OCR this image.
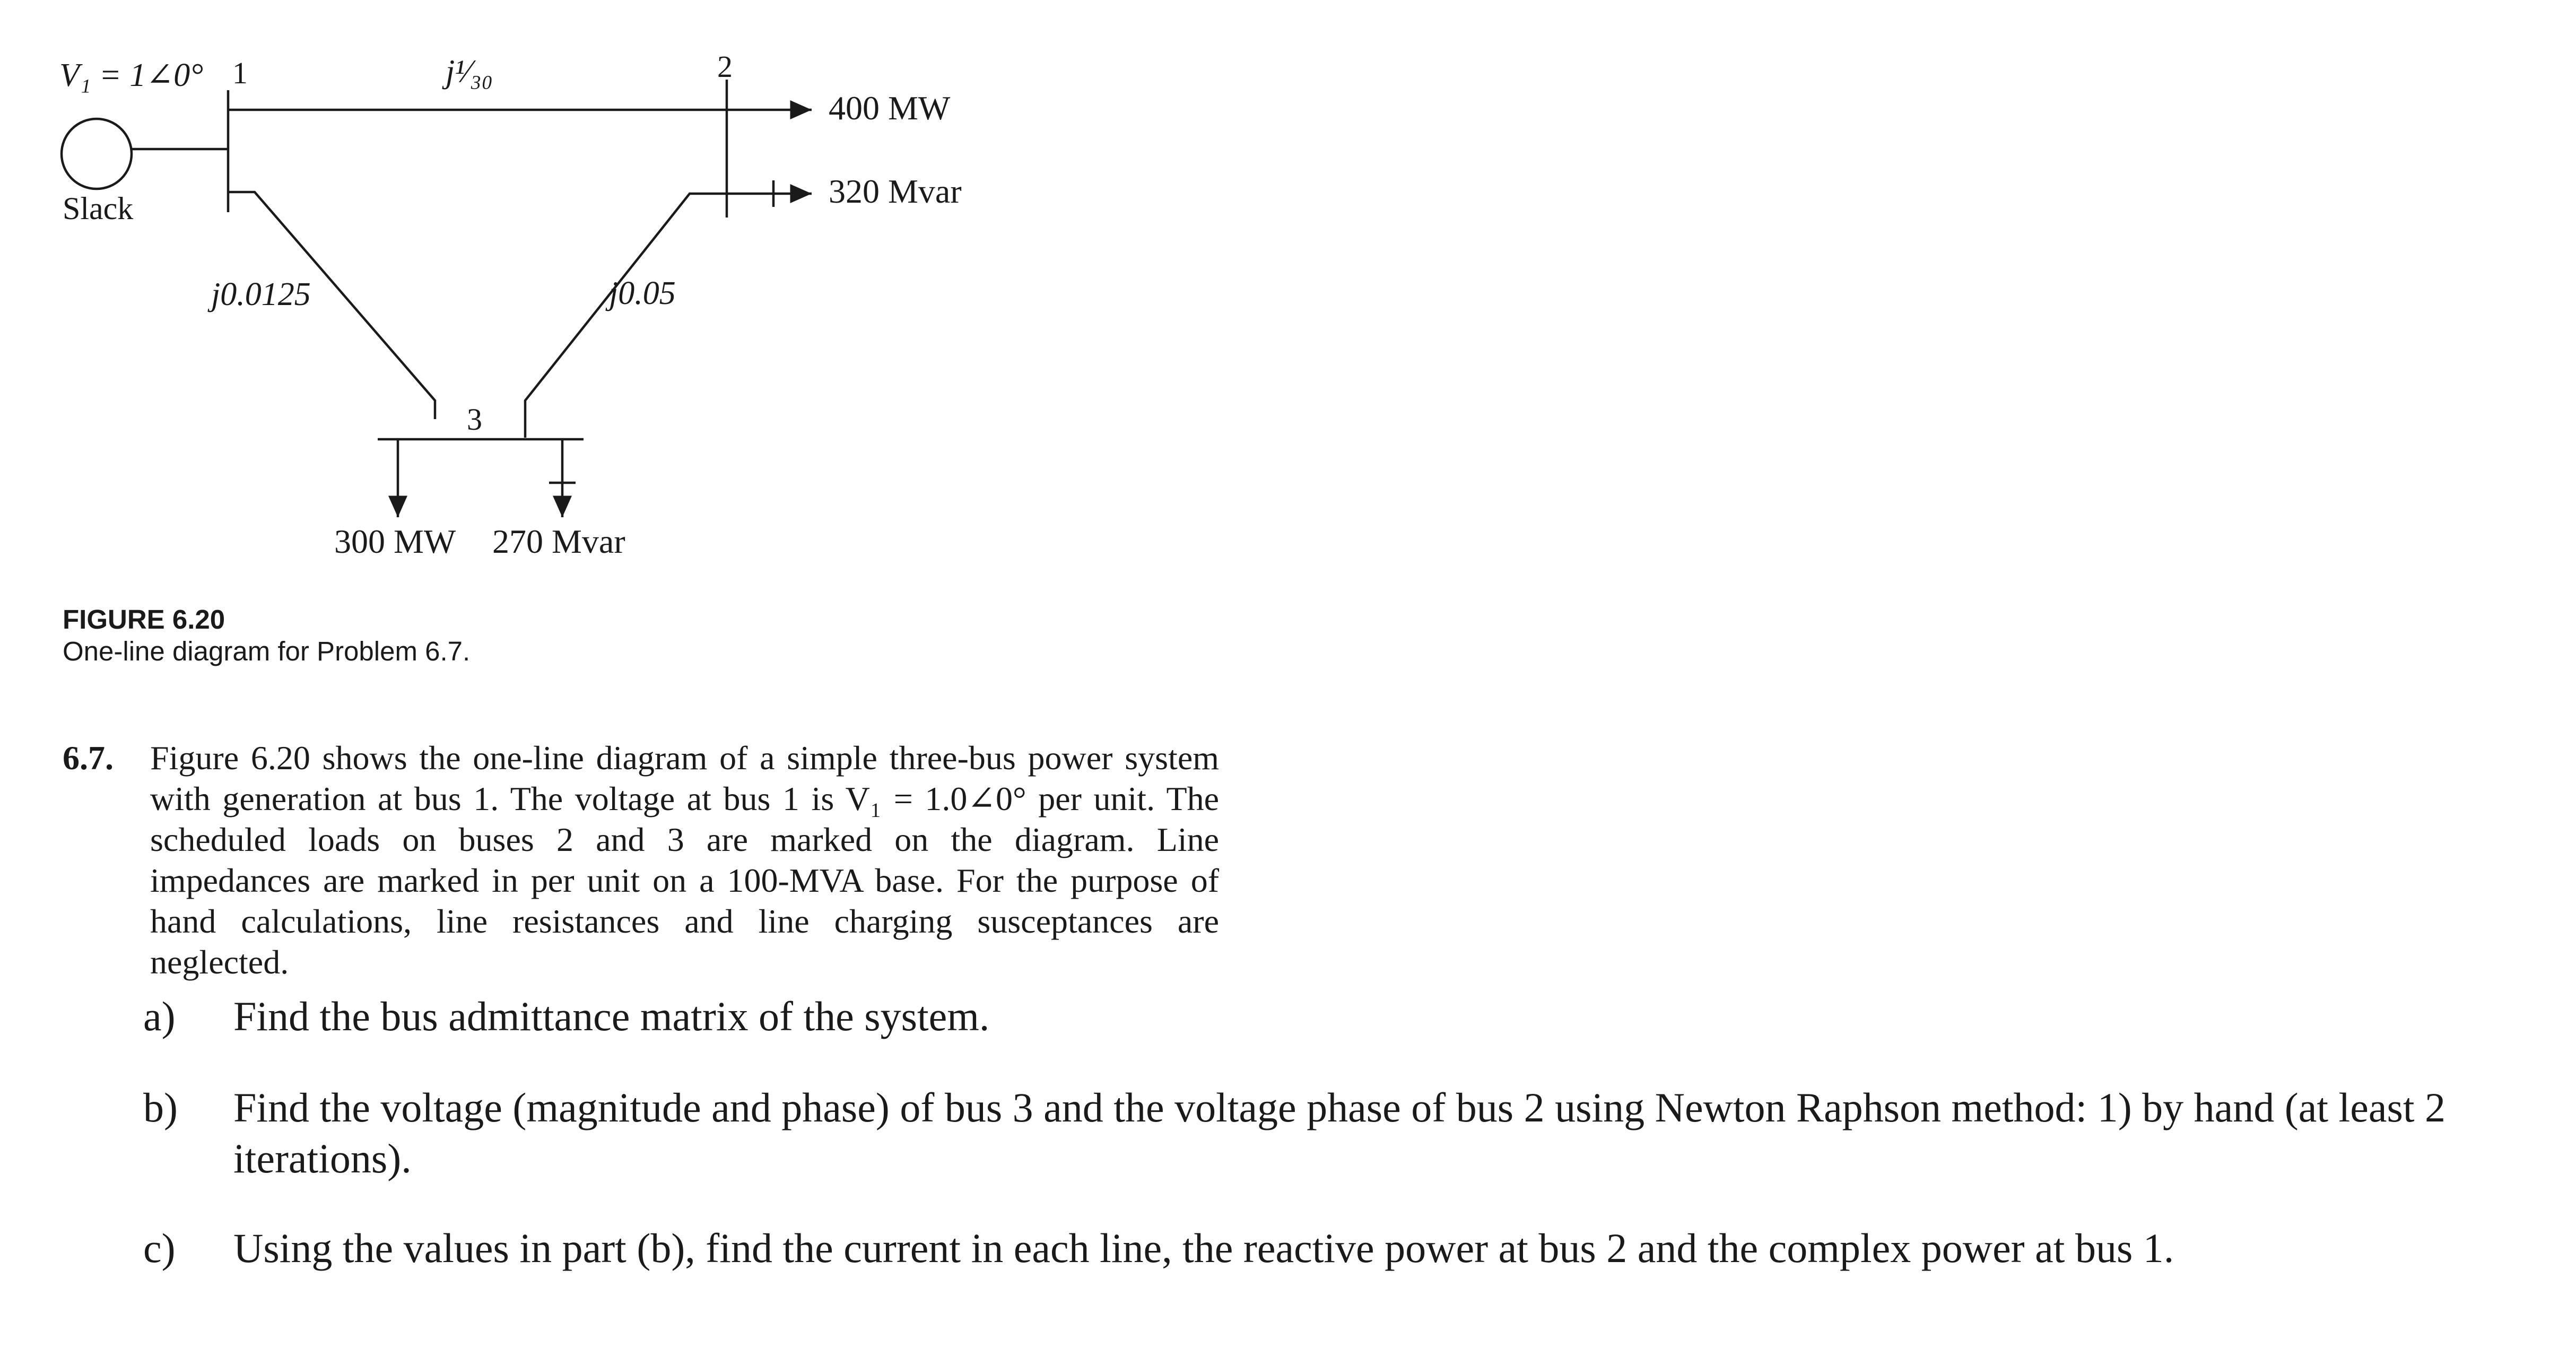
V₁ = 1∠0° 1
Slack
j¹⁄₃₀	2
400 MW
320 Mvar
j0.0125	j0.05
3
300 MW 270 Mvar
FIGURE 6.20
One-line diagram for Problem 6.7.
6.7. Figure 6.20 shows the one-line diagram of a simple three-bus power system with generation at bus 1. The voltage at bus 1 is V₁ = 1.0∠0° per unit. The scheduled loads on buses 2 and 3 are marked on the diagram. Line impedances are marked in per unit on a 100-MVA base. For the purpose of hand calculations, line resistances and line charging susceptances are neglected.
a) Find the bus admittance matrix of the system.
b) Find the voltage (magnitude and phase) of bus 3 and the voltage phase of bus 2 using Newton Raphson method: 1) by hand (at least 2 iterations).
c) Using the values in part (b), find the current in each line, the reactive power at bus 2 and the complex power at bus 1.
